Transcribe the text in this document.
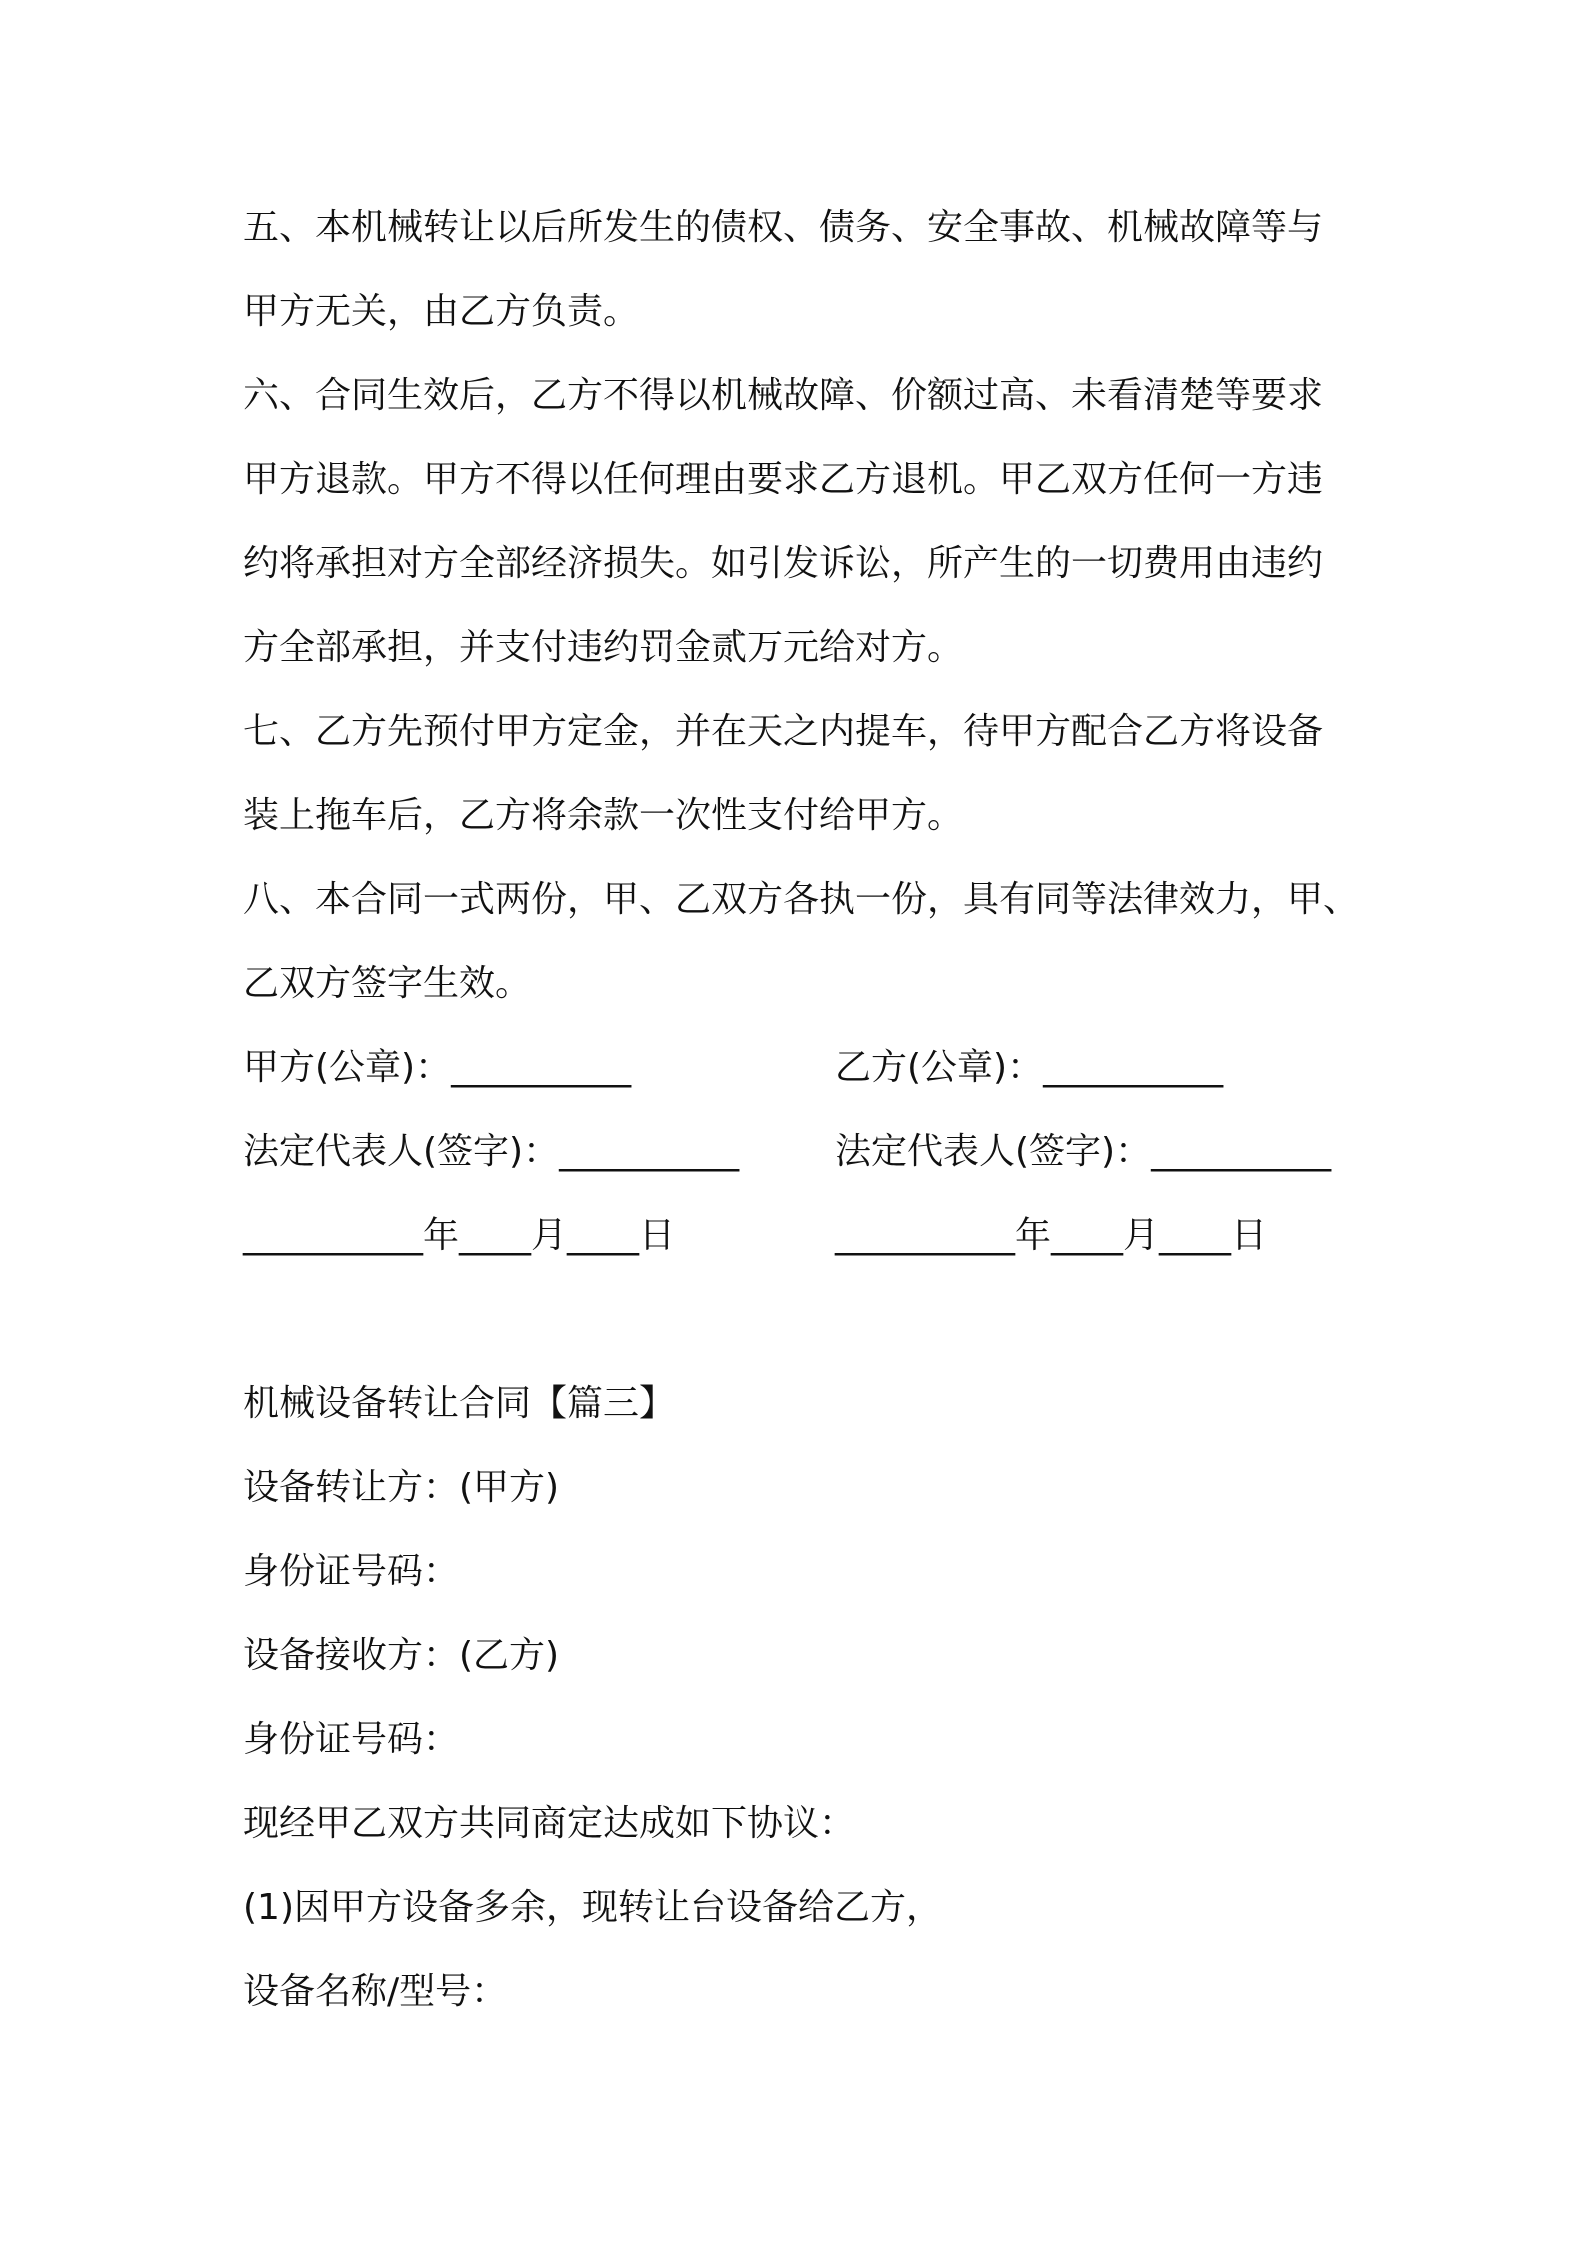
五、本机械转让以后所发生的债权、债务、安全事故、机械故障等与
甲方无关，由乙方负责。
六、合同生效后，乙方不得以机械故障、价额过高、未看清楚等要求
甲方退款。甲方不得以任何理由要求乙方退机。甲乙双方任何一方违
约将承担对方全部经济损失。如引发诉讼，所产生的一切费用由违约
方全部承担，并支付违约罚金贰万元给对方。
七、乙方先预付甲方定金，并在天之内提车，待甲方配合乙方将设备
装上拖车后，乙方将余款一次性支付给甲方。
八、本合同一式两份，甲、乙双方各执一份，具有同等法律效力，甲、
乙双方签字生效。
甲方(公章)：__________	乙方(公章)：__________
法定代表人(签字)：__________	法定代表人(签字)：__________
__________年____月____日	__________年____月____日
机械设备转让合同【篇三】
设备转让方：(甲方)
身份证号码：
设备接收方：(乙方)
身份证号码：
现经甲乙双方共同商定达成如下协议：
(1)因甲方设备多余，现转让台设备给乙方，
设备名称/型号：
